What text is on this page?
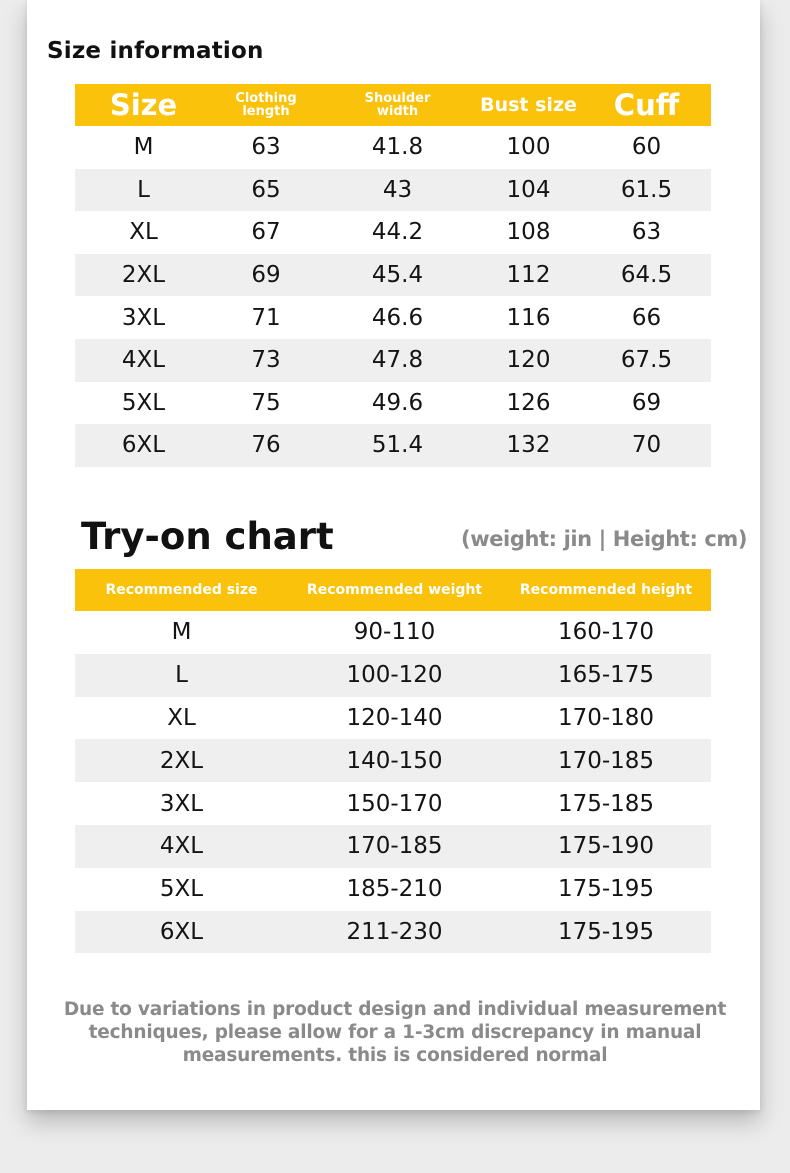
Size information
Size	Clothing length	Shoulder width	Bust size	Cuff
M	63	41.8	100	60
L	65	43	104	61.5
XL	67	44.2	108	63
2XL	69	45.4	112	64.5
3XL	71	46.6	116	66
4XL	73	47.8	120	67.5
5XL	75	49.6	126	69
6XL	76	51.4	132	70
Try-on chart	(weight: jin | Height: cm)
Recommended size	Recommended weight	Recommended height
M	90-110	160-170
L	100-120	165-175
XL	120-140	170-180
2XL	140-150	170-185
3XL	150-170	175-185
4XL	170-185	175-190
5XL	185-210	175-195
6XL	211-230	175-195
Due to variations in product design and individual measurement
techniques, please allow for a 1-3cm discrepancy in manual
measurements. this is considered normal
